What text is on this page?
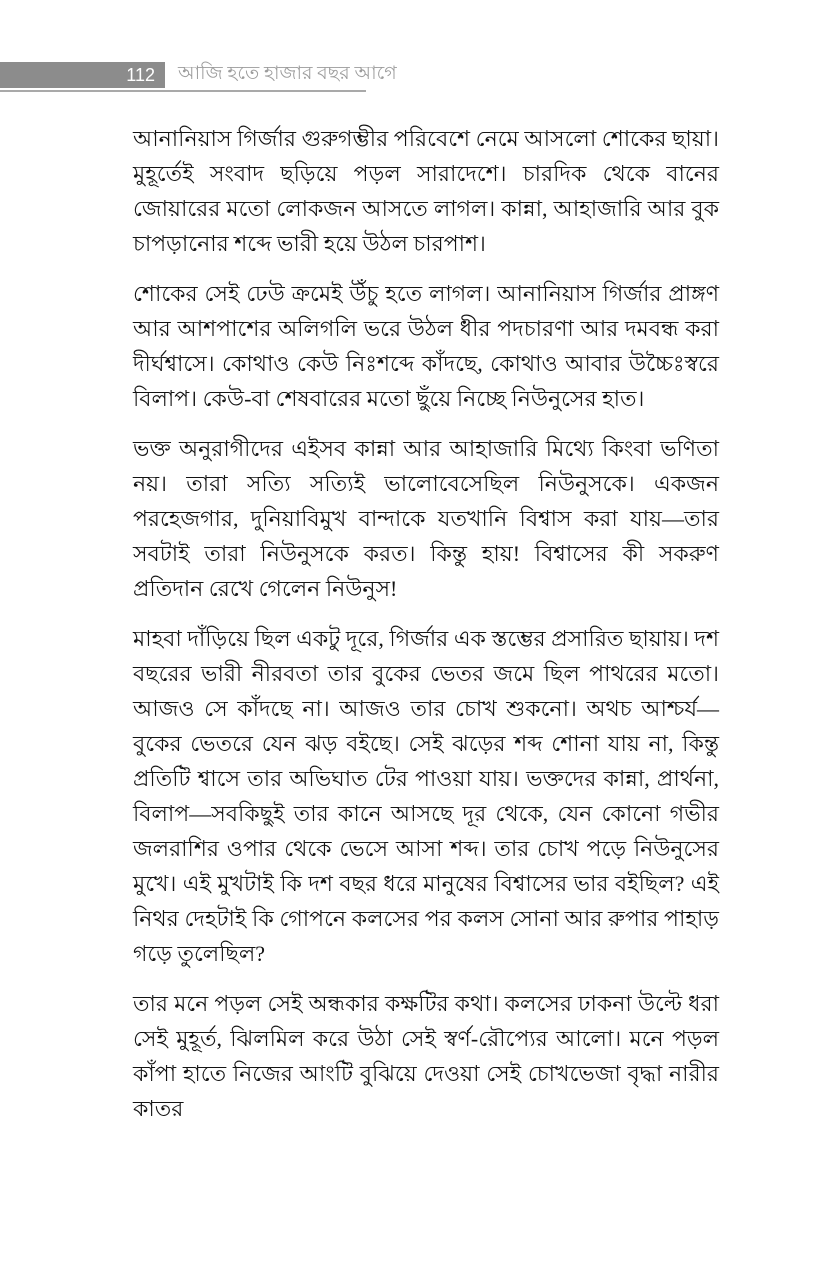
112 আজি হতে হাজার বছর আগে

আনানিয়াস গির্জার গুরুগম্ভীর পরিবেশে নেমে আসলো শোকের ছায়া। মুহূর্তেই সংবাদ ছড়িয়ে পড়ল সারাদেশে। চারদিক থেকে বানের জোয়ারের মতো লোকজন আসতে লাগল। কান্না, আহাজারি আর বুক চাপড়ানোর শব্দে ভারী হয়ে উঠল চারপাশ।

শোকের সেই ঢেউ ক্রমেই উঁচু হতে লাগল। আনানিয়াস গির্জার প্রাঙ্গণ আর আশপাশের অলিগলি ভরে উঠল ধীর পদচারণা আর দমবন্ধ করা দীর্ঘশ্বাসে। কোথাও কেউ নিঃশব্দে কাঁদছে, কোথাও আবার উচ্চৈঃস্বরে বিলাপ। কেউ-বা শেষবারের মতো ছুঁয়ে নিচ্ছে নিউনুসের হাত।

ভক্ত অনুরাগীদের এইসব কান্না আর আহাজারি মিথ্যে কিংবা ভণিতা নয়। তারা সত্যি সত্যিই ভালোবেসেছিল নিউনুসকে। একজন পরহেজগার, দুনিয়াবিমুখ বান্দাকে যতখানি বিশ্বাস করা যায়—তার সবটাই তারা নিউনুসকে করত। কিন্তু হায়! বিশ্বাসের কী সকরুণ প্রতিদান রেখে গেলেন নিউনুস!

মাহবা দাঁড়িয়ে ছিল একটু দূরে, গির্জার এক স্তম্ভের প্রসারিত ছায়ায়। দশ বছরের ভারী নীরবতা তার বুকের ভেতর জমে ছিল পাথরের মতো। আজও সে কাঁদছে না। আজও তার চোখ শুকনো। অথচ আশ্চর্য—বুকের ভেতরে যেন ঝড় বইছে। সেই ঝড়ের শব্দ শোনা যায় না, কিন্তু প্রতিটি শ্বাসে তার অভিঘাত টের পাওয়া যায়। ভক্তদের কান্না, প্রার্থনা, বিলাপ—সবকিছুই তার কানে আসছে দূর থেকে, যেন কোনো গভীর জলরাশির ওপার থেকে ভেসে আসা শব্দ। তার চোখ পড়ে নিউনুসের মুখে। এই মুখটাই কি দশ বছর ধরে মানুষের বিশ্বাসের ভার বইছিল? এই নিথর দেহটাই কি গোপনে কলসের পর কলস সোনা আর রুপার পাহাড় গড়ে তুলেছিল?

তার মনে পড়ল সেই অন্ধকার কক্ষটির কথা। কলসের ঢাকনা উল্টে ধরা সেই মুহূর্ত, ঝিলমিল করে উঠা সেই স্বর্ণ-রৌপ্যের আলো। মনে পড়ল কাঁপা হাতে নিজের আংটি বুঝিয়ে দেওয়া সেই চোখভেজা বৃদ্ধা নারীর কাতর
